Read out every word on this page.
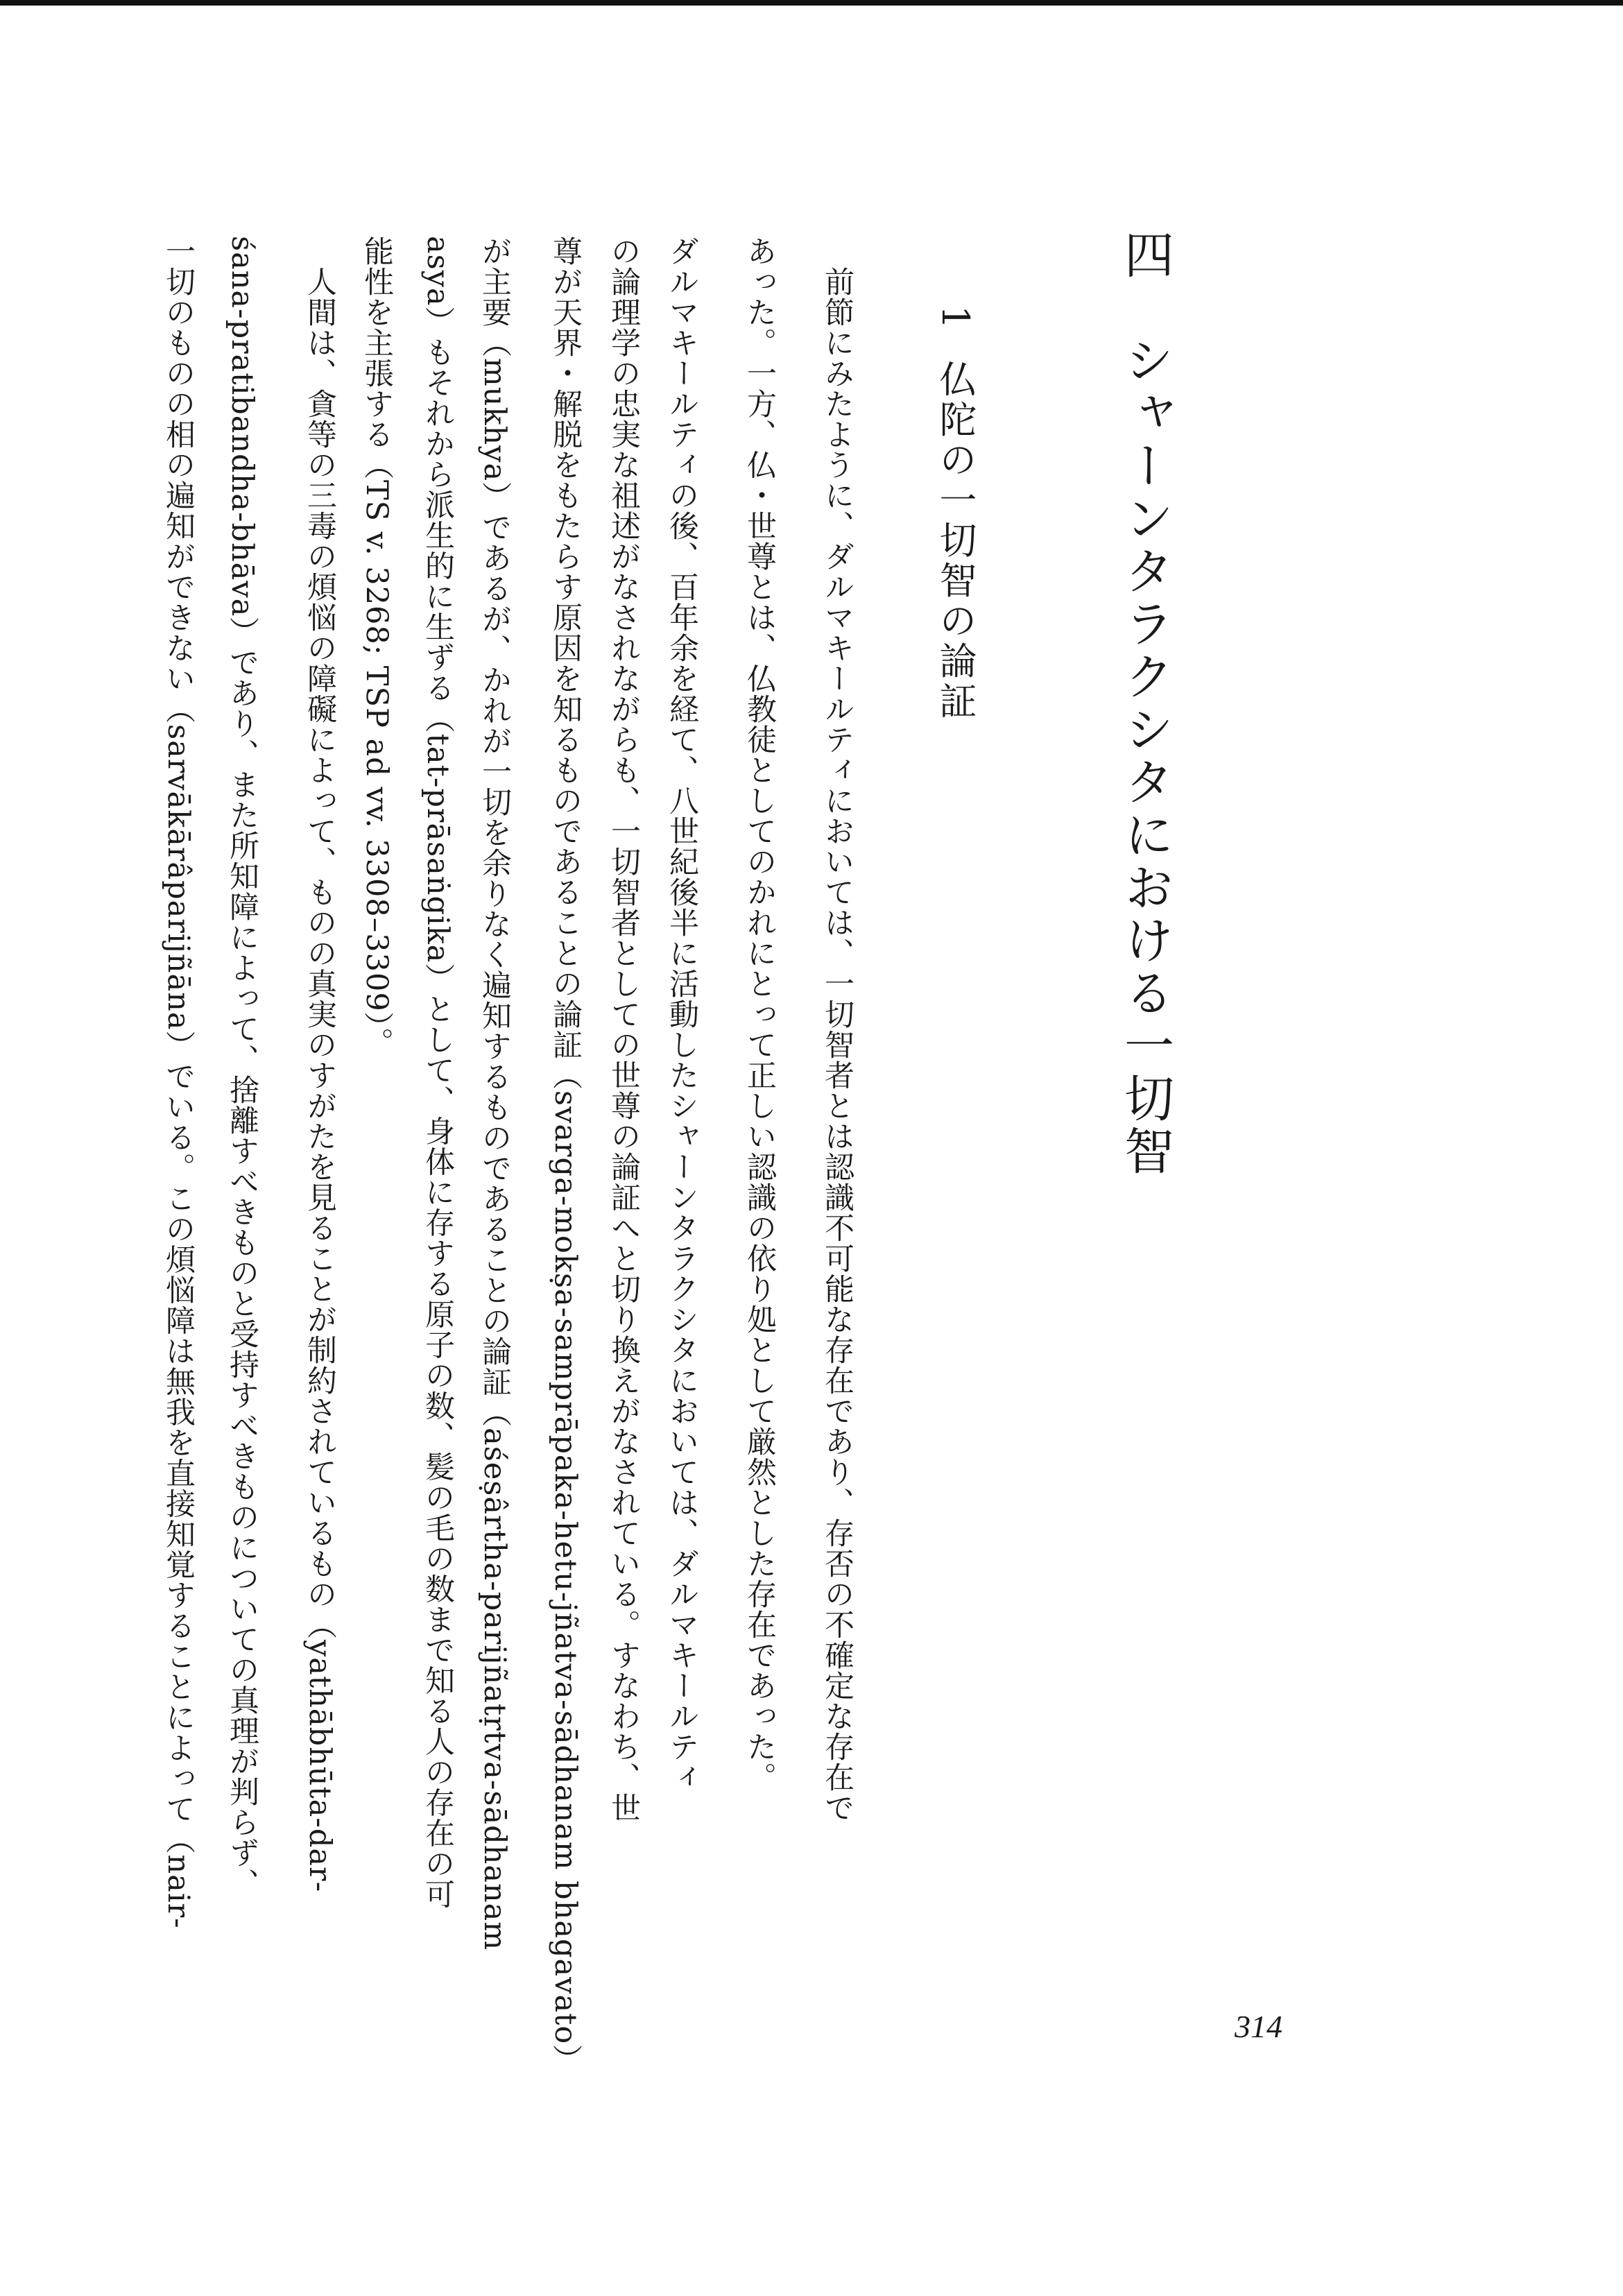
四　シャーンタラクシタにおける一切智
1仏陀の一切智の論証
　前節にみたように、ダルマキールティにおいては、一切智者とは認識不可能な存在であり、存否の不確定な存在で
あった。一方、仏・世尊とは、仏教徒としてのかれにとって正しい認識の依り処として厳然とした存在であった。
ダルマキールティの後、百年余を経て、八世紀後半に活動したシャーンタラクシタにおいては、ダルマキールティ
の論理学の忠実な祖述がなされながらも、一切智者としての世尊の論証へと切り換えがなされている。すなわち、世
尊が天界・解脱をもたらす原因を知るものであることの論証（svarga-mokṣa-samprāpaka-hetu-jñatva-sādhanam bhagavato）
が主要（mukhya）であるが、かれが一切を余りなく遍知するものであることの論証（aśeṣârtha-parijñatṛtva-sādhanam
asya）もそれから派生的に生ずる（tat-prāsaṅgika）として、身体に存する原子の数、髪の毛の数まで知る人の存在の可
能性を主張する（TS v. 3268; TSP ad vv. 3308–3309）。
　人間は、貪等の三毒の煩悩の障礙によって、ものの真実のすがたを見ることが制約されているもの（yathābhūta-dar-
śana-pratibandha-bhāva）であり、また所知障によって、捨離すべきものと受持すべきものについての真理が判らず、
一切のものの相の遍知ができない（sarvākārâparijñāna）でいる。この煩悩障は無我を直接知覚することによって（nair-
314
